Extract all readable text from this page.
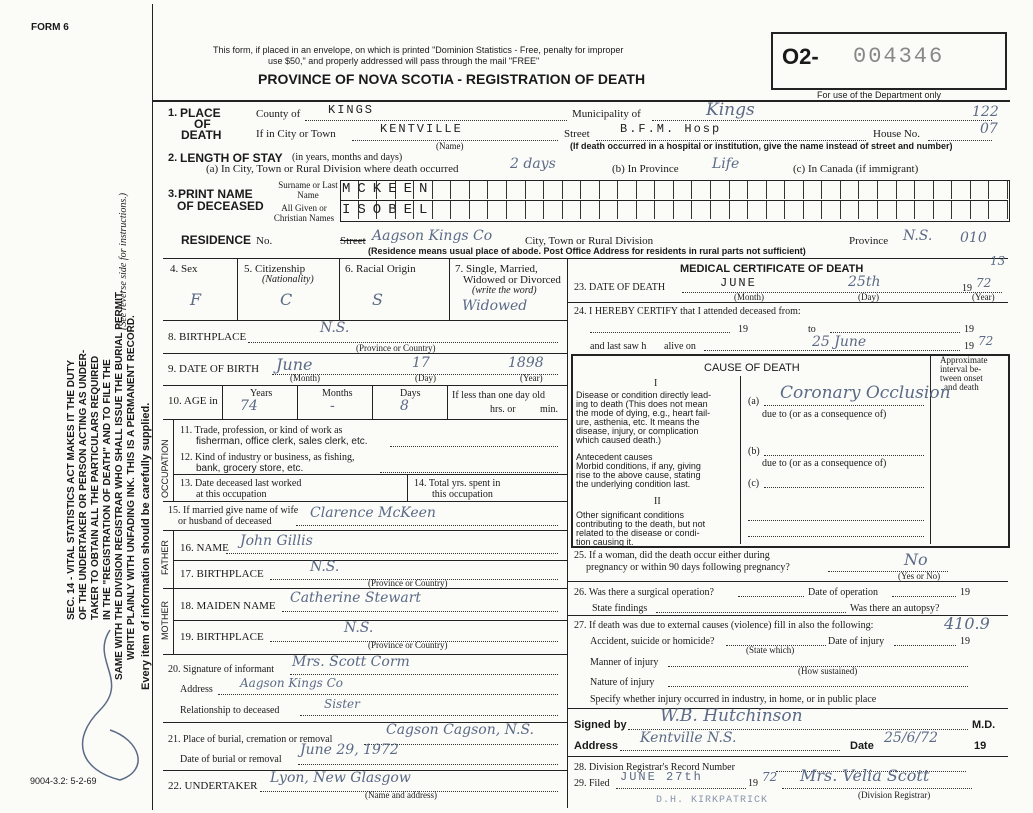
FORM 6
9004-3.2: 5-2-69
SEC. 14 - VITAL STATISTICS ACT MAKES IT THE DUTY OF THE UNDERTAKER OR PERSON ACTING AS UNDER- TAKER TO OBTAIN ALL THE PARTICULARS REQUIRED IN THE "REGISTRATION OF DEATH" AND TO FILE THE SAME WITH THE DIVISION REGISTRAR WHO SHALL ISSUE THE BURIAL PERMIT. WRITE PLAINLY WITH UNFADING INK. THIS IS A PERMANENT RECORD.
(See reverse side for instructions.)
Every item of information should be carefully supplied.
This form, if placed in an envelope, on which is printed "Dominion Statistics - Free, penalty for improper
use $50," and properly addressed will pass through the mail "FREE"
PROVINCE OF NOVA SCOTIA - REGISTRATION OF DEATH
O2- 004346
For use of the Department only
1. PLACE
OF
DEATH
County of KINGS	Municipality of	Kings	122
If in City or Town	KENTVILLE
(Name)
Street	B.F.M. Hosp	House No.	07
(If death occurred in a hospital or institution, give the name instead of street and number)
2. LENGTH OF STAY (in years, months and days)
(a) In City, Town or Rural Division where death occurred	2 days	(b) In Province Life	(c) In Canada (if immigrant)
3. PRINT NAME
OF DECEASED
Surname or Last Name
All Given or Christian Names
MCKEEN
ISOBEL
RESIDENCE No.	Street Aagson Kings Co	City, Town or Rural Division	Province N.S. 010
(Residence means usual place of abode. Post Office Address for residents in rural parts not sufficient)
4. Sex
F
5. Citizenship
(Nationality)
C
6. Racial Origin
S
7. Single, Married,
Widowed or Divorced
(write the word)
Widowed
8. BIRTHPLACE
N.S.
(Province or Country)
9. DATE OF BIRTH June	17	1898
(Month)	(Day)	(Year)
10. AGE in
Years	Months	Days
74	-	8
If less than one day old
hrs. or min.
OCCUPATION
11. Trade, profession, or kind of work as
fisherman, office clerk, sales clerk, etc.
12. Kind of industry or business, as fishing,
bank, grocery store, etc.
13. Date deceased last worked
at this occupation
14. Total yrs. spent in
this occupation
15. If married give name of wife
or husband of deceased
Clarence McKeen
FATHER 16. NAME John Gillis
17. BIRTHPLACE	N.S.
(Province or Country)
MOTHER 18. MAIDEN NAME Catherine Stewart
19. BIRTHPLACE
N.S.
(Province or Country)
20. Signature of informant Mrs. Scott Corm
Address Aagson Kings Co
Relationship to deceased	Sister
21. Place of burial, cremation or removal
Cagson Cagson, N.S.
Date of burial or removal
June 29, 1972
22. UNDERTAKER Lyon, New Glasgow
(Name and address)
MEDICAL CERTIFICATE OF DEATH
13
23. DATE OF DEATH	JUNE	25th	19 72
(Month)	(Day)	(Year)
24. I HEREBY CERTIFY that I attended deceased from:
19	to	19
and last saw h alive on	25 June	19 72
CAUSE OF DEATH
Approximate
interval be-
tween onset
and death
I
Disease or condition directly lead-
ing to death (This does not mean
the mode of dying, e.g., heart fail-
ure, asthenia, etc. It means the
disease, injury, or complication
which caused death.)
(a) Coronary Occlusion
due to (or as a consequence of)
Antecedent causes
Morbid conditions, if any, giving
rise to the above cause, stating
the underlying condition last.
(b)
due to (or as a consequence of)
(c)
II
Other significant conditions
contributing to the death, but not
related to the disease or condi-
tion causing it.
25. If a woman, did the death occur either during
pregnancy or within 90 days following pregnancy?	No
(Yes or No)
26. Was there a surgical operation?	Date of operation	19
State findings	Was there an autopsy?
27. If death was due to external causes (violence) fill in also the following:	410.9
Accident, suicide or homicide?
(State which)
Date of injury	19
Manner of injury
(How sustained)
Nature of injury
Specify whether injury occurred in industry, in home, or in public place
Signed by W.B. Hutchinson	M.D.
Address Kentville N.S.	Date 25/6/72	19
28. Division Registrar's Record Number
29. Filed JUNE 27th	19 72 Mrs. Velia Scott
(Division Registrar)
D.H. KIRKPATRICK
